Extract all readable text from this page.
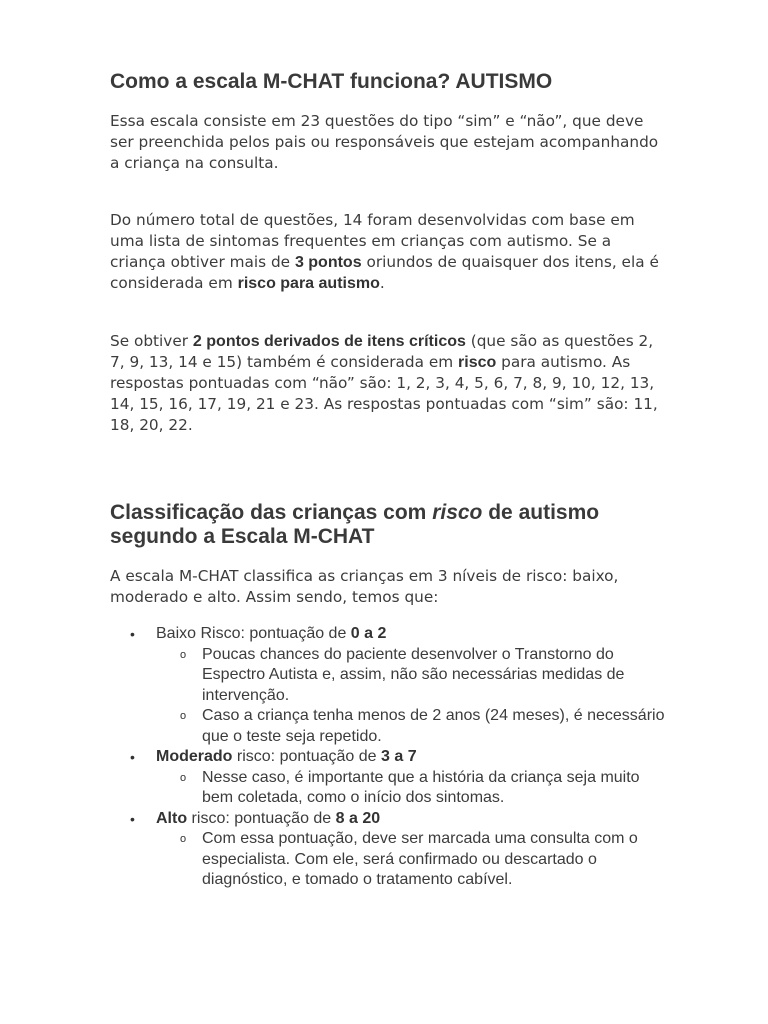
Como a escala M-CHAT funciona? AUTISMO

Essa escala consiste em 23 questões do tipo “sim” e “não”, que deve ser preenchida pelos pais ou responsáveis que estejam acompanhando a criança na consulta.

Do número total de questões, 14 foram desenvolvidas com base em uma lista de sintomas frequentes em crianças com autismo. Se a criança obtiver mais de 3 pontos oriundos de quaisquer dos itens, ela é considerada em risco para autismo.

Se obtiver 2 pontos derivados de itens críticos (que são as questões 2, 7, 9, 13, 14 e 15) também é considerada em risco para autismo. As respostas pontuadas com “não” são: 1, 2, 3, 4, 5, 6, 7, 8, 9, 10, 12, 13, 14, 15, 16, 17, 19, 21 e 23. As respostas pontuadas com “sim” são: 11, 18, 20, 22.

Classificação das crianças com risco de autismo segundo a Escala M-CHAT

A escala M-CHAT classifica as crianças em 3 níveis de risco: baixo, moderado e alto. Assim sendo, temos que:

• Baixo Risco: pontuação de 0 a 2
o Poucas chances do paciente desenvolver o Transtorno do Espectro Autista e, assim, não são necessárias medidas de intervenção.
o Caso a criança tenha menos de 2 anos (24 meses), é necessário que o teste seja repetido.
• Moderado risco: pontuação de 3 a 7
o Nesse caso, é importante que a história da criança seja muito bem coletada, como o início dos sintomas.
• Alto risco: pontuação de 8 a 20
o Com essa pontuação, deve ser marcada uma consulta com o especialista. Com ele, será confirmado ou descartado o diagnóstico, e tomado o tratamento cabível.
